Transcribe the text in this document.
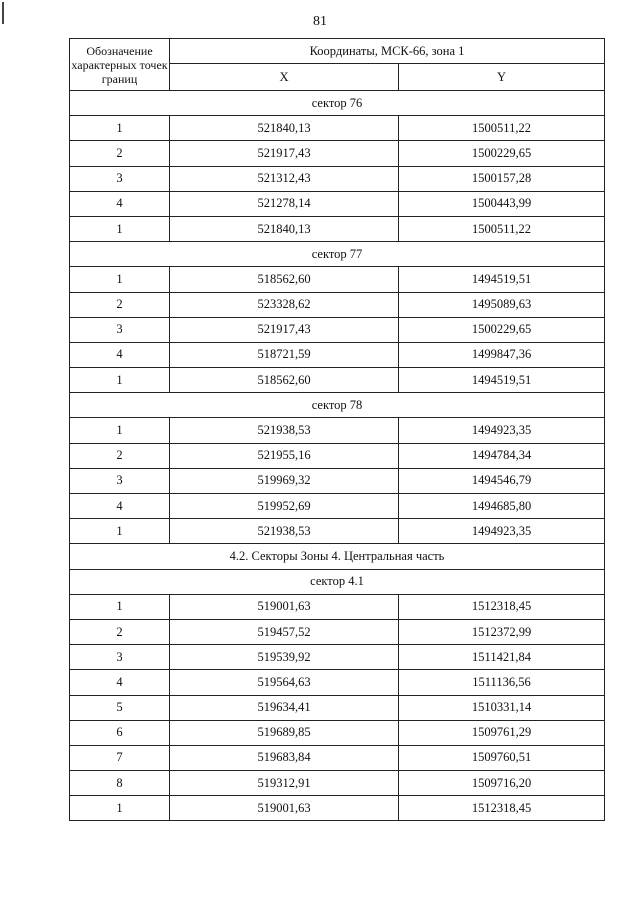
81
Обозначение характерных точек границ	Координаты, МСК-66, зона 1	
	X	Y
сектор 76		
1	521840,13	1500511,22
2	521917,43	1500229,65
3	521312,43	1500157,28
4	521278,14	1500443,99
1	521840,13	1500511,22
сектор 77		
1	518562,60	1494519,51
2	523328,62	1495089,63
3	521917,43	1500229,65
4	518721,59	1499847,36
1	518562,60	1494519,51
сектор 78		
1	521938,53	1494923,35
2	521955,16	1494784,34
3	519969,32	1494546,79
4	519952,69	1494685,80
1	521938,53	1494923,35
4.2. Секторы Зоны 4. Центральная часть		
сектор 4.1		
1	519001,63	1512318,45
2	519457,52	1512372,99
3	519539,92	1511421,84
4	519564,63	1511136,56
5	519634,41	1510331,14
6	519689,85	1509761,29
7	519683,84	1509760,51
8	519312,91	1509716,20
1	519001,63	1512318,45
